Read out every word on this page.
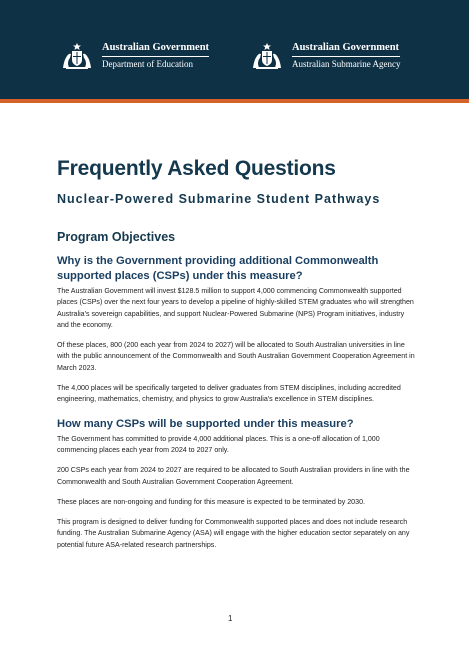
Australian Government
Department of Education
Australian Government
Australian Submarine Agency
Frequently Asked Questions
Nuclear-Powered Submarine Student Pathways
Program Objectives
Why is the Government providing additional Commonwealth supported places (CSPs) under this measure?

The Australian Government will invest $128.5 million to support 4,000 commencing Commonwealth supported places (CSPs) over the next four years to develop a pipeline of highly-skilled STEM graduates who will strengthen Australia's sovereign capabilities, and support Nuclear-Powered Submarine (NPS) Program initiatives, industry and the economy.

Of these places, 800 (200 each year from 2024 to 2027) will be allocated to South Australian universities in line with the public announcement of the Commonwealth and South Australian Government Cooperation Agreement in March 2023.

The 4,000 places will be specifically targeted to deliver graduates from STEM disciplines, including accredited engineering, mathematics, chemistry, and physics to grow Australia's excellence in STEM disciplines.

How many CSPs will be supported under this measure?

The Government has committed to provide 4,000 additional places. This is a one-off allocation of 1,000 commencing places each year from 2024 to 2027 only.

200 CSPs each year from 2024 to 2027 are required to be allocated to South Australian providers in line with the Commonwealth and South Australian Government Cooperation Agreement.

These places are non-ongoing and funding for this measure is expected to be terminated by 2030.

This program is designed to deliver funding for Commonwealth supported places and does not include research funding. The Australian Submarine Agency (ASA) will engage with the higher education sector separately on any potential future ASA-related research partnerships.

1
